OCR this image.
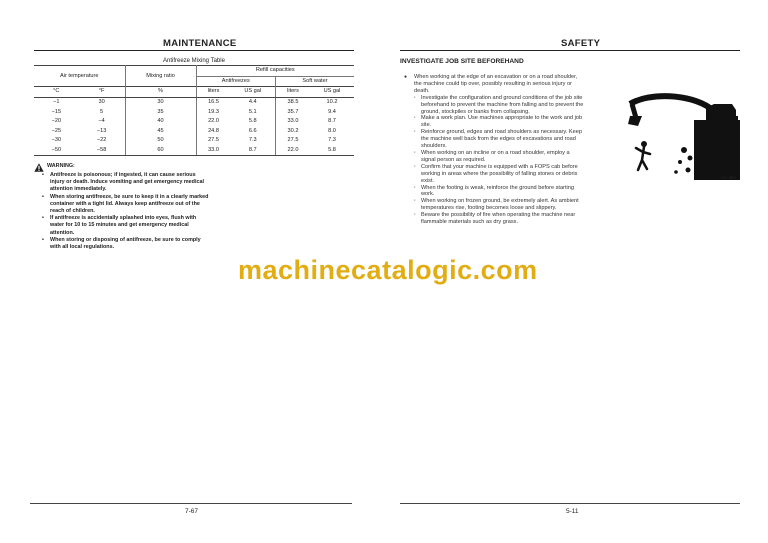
MAINTENANCE
Antifreeze Mixing Table
Air temperature		Mixing ratio	Refill capacities			
			Antifreezes		Soft water	
°C	°F	%	liters	US gal	liters	US gal
−1	30	30	16.5	4.4	38.5	10.2
−15	5	35	19.3	5.1	35.7	9.4
−20	−4	40	22.0	5.8	33.0	8.7
−25	−13	45	24.8	6.6	30.2	8.0
−30	−22	50	27.5	7.3	27.5	7.3
−50	−58	60	33.0	8.7	22.0	5.8
WARNING:
• Antifreeze is poisonous; if ingested, it can cause serious injury or death. Induce vomiting and get emergency medical attention immediately.
• When storing antifreeze, be sure to keep it in a clearly marked container with a tight lid. Always keep antifreeze out of the reach of children.
• If antifreeze is accidentally splashed into eyes, flush with water for 10 to 15 minutes and get emergency medical attention.
• When storing or disposing of antifreeze, be sure to comply with all local regulations.
SAFETY
INVESTIGATE JOB SITE BEFOREHAND
● When working at the edge of an excavation or on a road shoulder, the machine could tip over, possibly resulting in serious injury or death.
· Investigate the configuration and ground conditions of the job site beforehand to prevent the machine from falling and to prevent the ground, stockpiles or banks from collapsing.
· Make a work plan. Use machines appropriate to the work and job site.
· Reinforce ground, edges and road shoulders as necessary. Keep the machine well back from the edges of excavations and road shoulders.
· When working on an incline or on a road shoulder, employ a signal person as required.
· Confirm that your machine is equipped with a FOPS cab before working in areas where the possibility of falling stones or debris exist.
· When the footing is weak, reinforce the ground before starting work.
· When working on frozen ground, be extremely alert. As ambient temperatures rise, footing becomes loose and slippery.
· Beware the possibility of fire when operating the machine near flammable materials such as dry grass.
SA-380
machinecatalogic.com
7-67	5-11
